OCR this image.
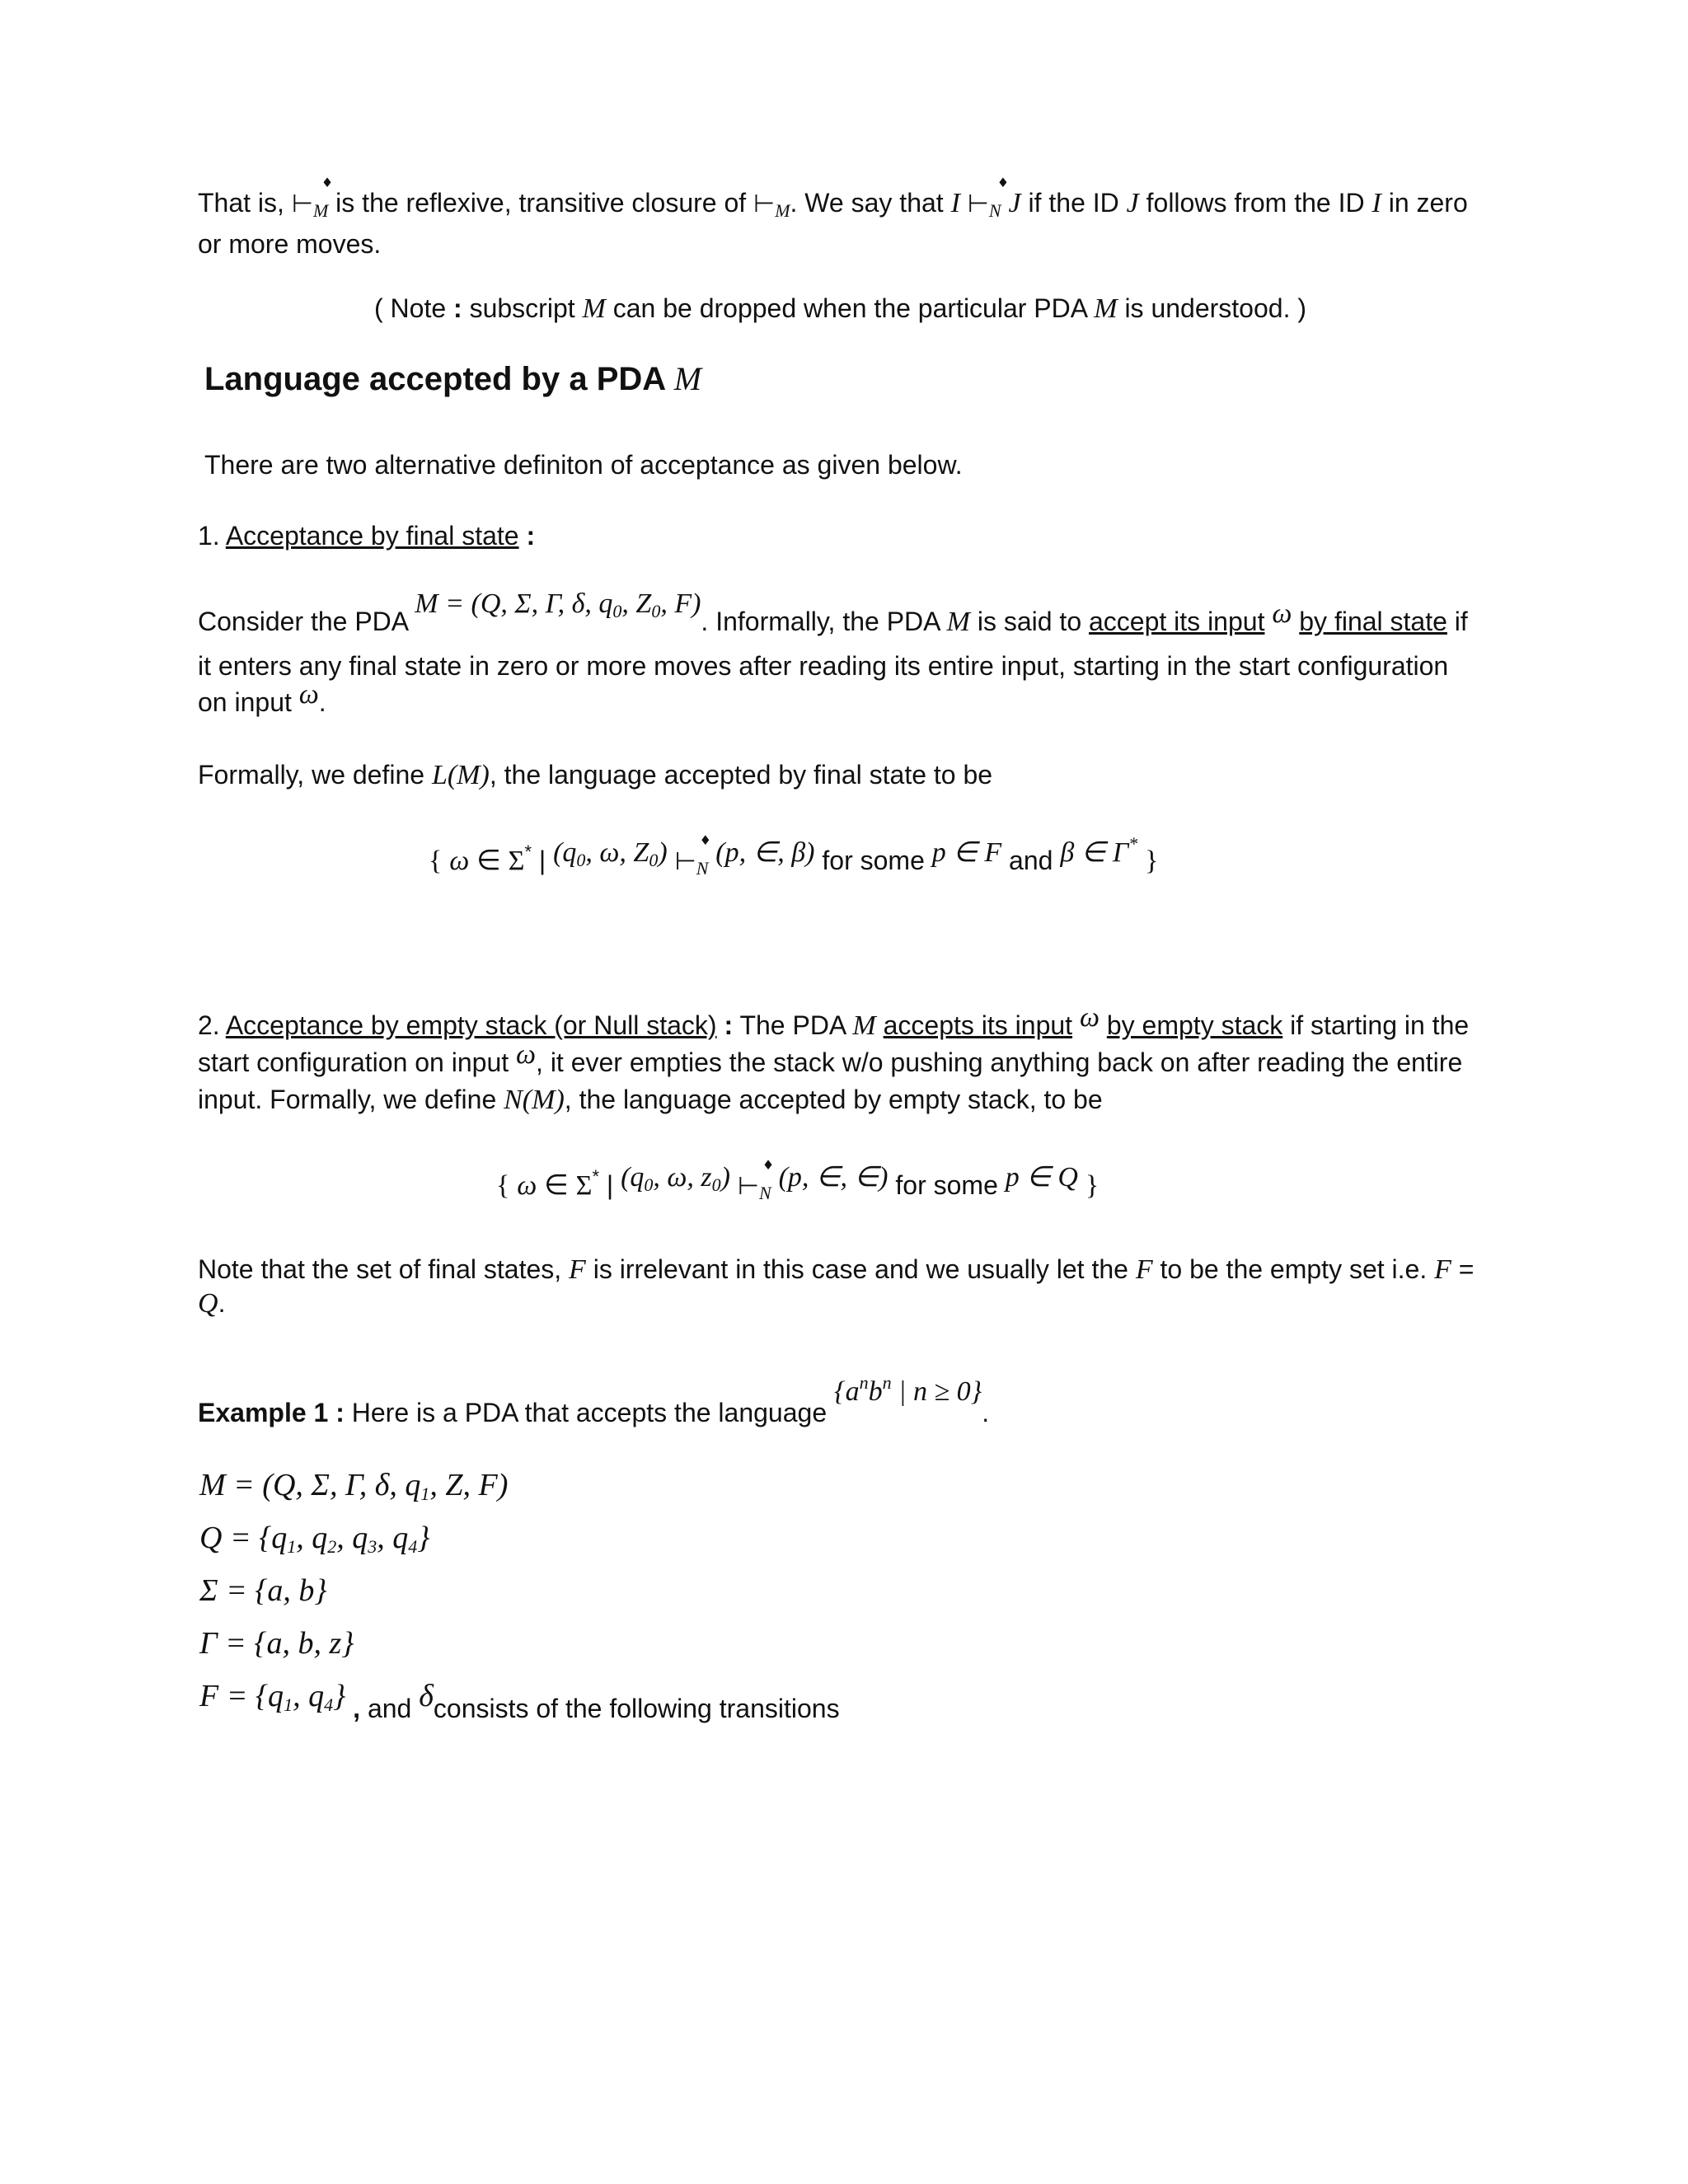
That is, ⊢
♦
$_M$ is the reflexive, transitive closure of $⊢_M$. We say that I ⊢
♦
$_N$ J if the ID J follows from the ID I in zero or more moves.
( Note : subscript M can be dropped when the particular PDA M is understood. )
Language accepted by a PDA M
There are two alternative definiton of acceptance as given below.
1. Acceptance by final state :
Consider the PDA M = (Q, Σ, Γ, δ, $q_0$, $Z_0$, F). Informally, the PDA M is said to accept its input ω by final state if it enters any final state in zero or more moves after reading its entire input, starting in the start configuration on input ω.
Formally, we define L(M), the language accepted by final state to be
{ ω ∈ Σ* | ($q_0$, ω, $Z_0$) ⊢
♦
$_N$ (p, ∈, β) for some p ∈ F and β ∈ Γ* }
2. Acceptance by empty stack (or Null stack) : The PDA M accepts its input ω by empty stack if starting in the start configuration on input ω, it ever empties the stack w/o pushing anything back on after reading the entire input. Formally, we define N(M), the language accepted by empty stack, to be
{ ω ∈ Σ* | ($q_0$, ω, $z_0$) ⊢
♦
$_N$ (p, ∈, ∈) for some p ∈ Q }
Note that the set of final states, F is irrelevant in this case and we usually let the F to be the empty set i.e. F = Q.
Example 1 : Here is a PDA that accepts the language {$a^nb^n$ | n ≥ 0}.
M = (Q, Σ, Γ, δ, $q_1$, Z, F)
$Q = \{q_1$, $q_2$, $q_3$, $q_4$}
Σ = {a, b}
Γ = {a, b, z}
$F = \{q_1$, $q_4$} , and δconsists of the following transitions
